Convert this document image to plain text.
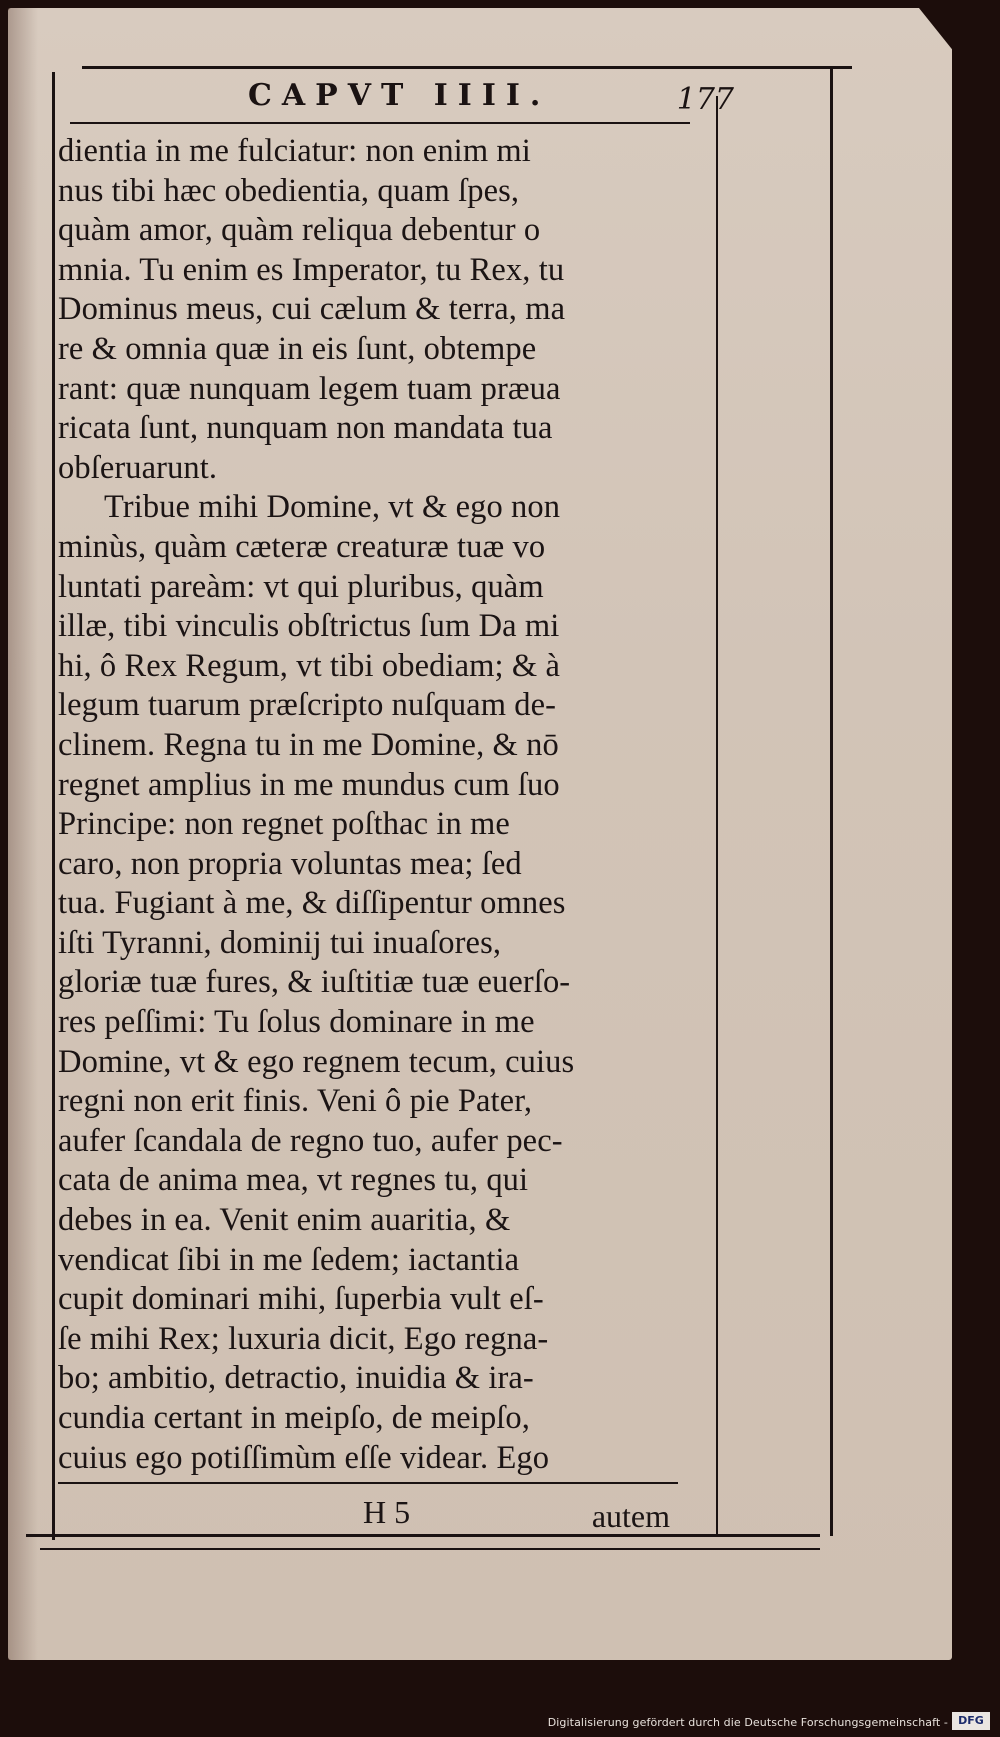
CAPVT IIII.	177
dientia in me fulciatur: non enim mi
nus tibi hæc obedientia, quam ſpes,
quàm amor, quàm reliqua debentur o
mnia. Tu enim es Imperator, tu Rex, tu
Dominus meus, cui cælum & terra, ma
re & omnia quæ in eis ſunt, obtempe
rant: quæ nunquam legem tuam præua
ricata ſunt, nunquam non mandata tua
obſeruarunt.
Tribue mihi Domine, vt & ego non
minùs, quàm cæteræ creaturæ tuæ vo
luntati pareàm: vt qui pluribus, quàm
illæ, tibi vinculis obſtrictus ſum Da mi
hi, ô Rex Regum, vt tibi obediam; & à
legum tuarum præſcripto nuſquam de-
clinem. Regna tu in me Domine, & nō
regnet amplius in me mundus cum ſuo
Principe: non regnet poſthac in me
caro, non propria voluntas mea; ſed
tua. Fugiant à me, & diſſipentur omnes
iſti Tyranni, dominij tui inuaſores,
gloriæ tuæ fures, & iuſtitiæ tuæ euerſo-
res peſſimi: Tu ſolus dominare in me
Domine, vt & ego regnem tecum, cuius
regni non erit finis. Veni ô pie Pater,
aufer ſcandala de regno tuo, aufer pec-
cata de anima mea, vt regnes tu, qui
debes in ea. Venit enim auaritia, &
vendicat ſibi in me ſedem; iactantia
cupit dominari mihi, ſuperbia vult eſ-
ſe mihi Rex; luxuria dicit, Ego regna-
bo; ambitio, detractio, inuidia & ira-
cundia certant in meipſo, de meipſo,
cuius ego potiſſimùm eſſe videar. Ego
H 5	autem
Digitalisierung gefördert durch die Deutsche Forschungsgemeinschaft - DFG
